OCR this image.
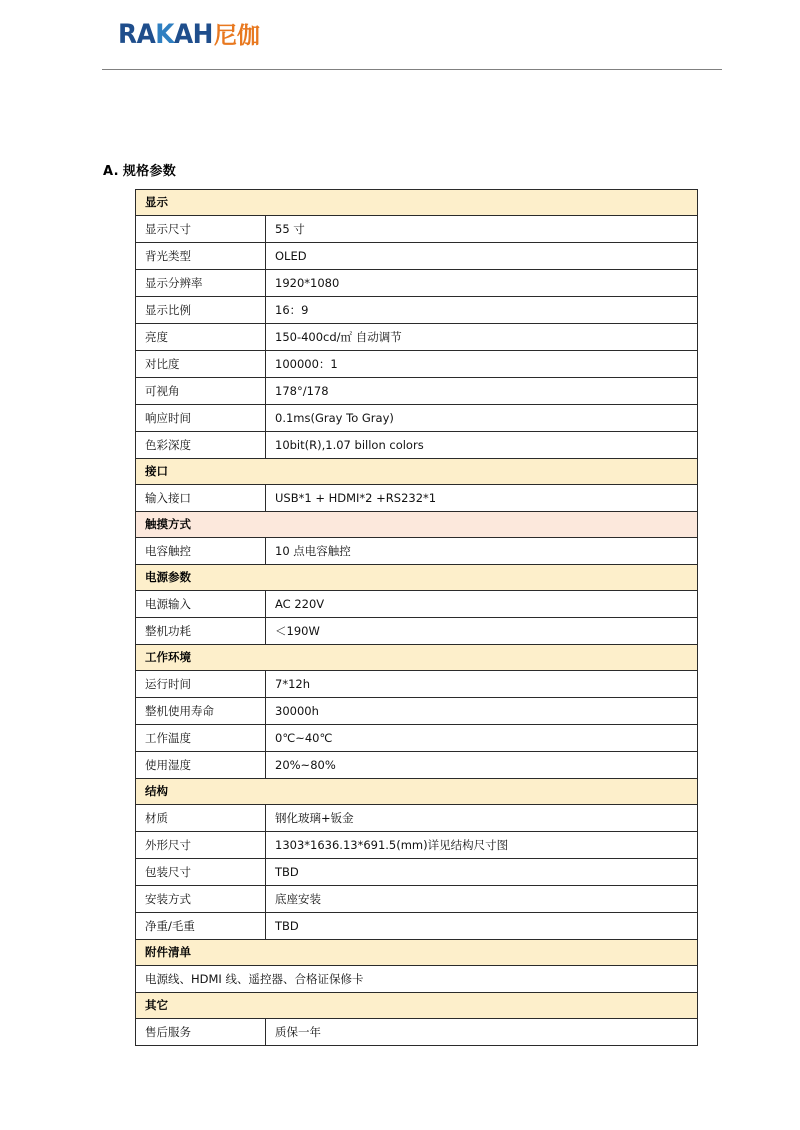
RAKAH 尼伽
A. 规格参数
显示	
显示尺寸	55 寸
背光类型	OLED
显示分辨率	1920*1080
显示比例	16：9
亮度	150-400cd/㎡ 自动调节
对比度	100000：1
可视角	178°/178
响应时间	0.1ms(Gray To Gray)
色彩深度	10bit(R),1.07 billon colors
接口	
输入接口	USB*1 + HDMI*2 +RS232*1
触摸方式	
电容触控	10 点电容触控
电源参数	
电源输入	AC 220V
整机功耗	＜190W
工作环境	
运行时间	7*12h
整机使用寿命	30000h
工作温度	0℃~40℃
使用湿度	20%~80%
结构	
材质	钢化玻璃+钣金
外形尺寸	1303*1636.13*691.5(mm)详见结构尺寸图
包装尺寸	TBD
安装方式	底座安装
净重/毛重	TBD
附件清单	
电源线、HDMI 线、遥控器、合格证保修卡	
其它	
售后服务	质保一年
